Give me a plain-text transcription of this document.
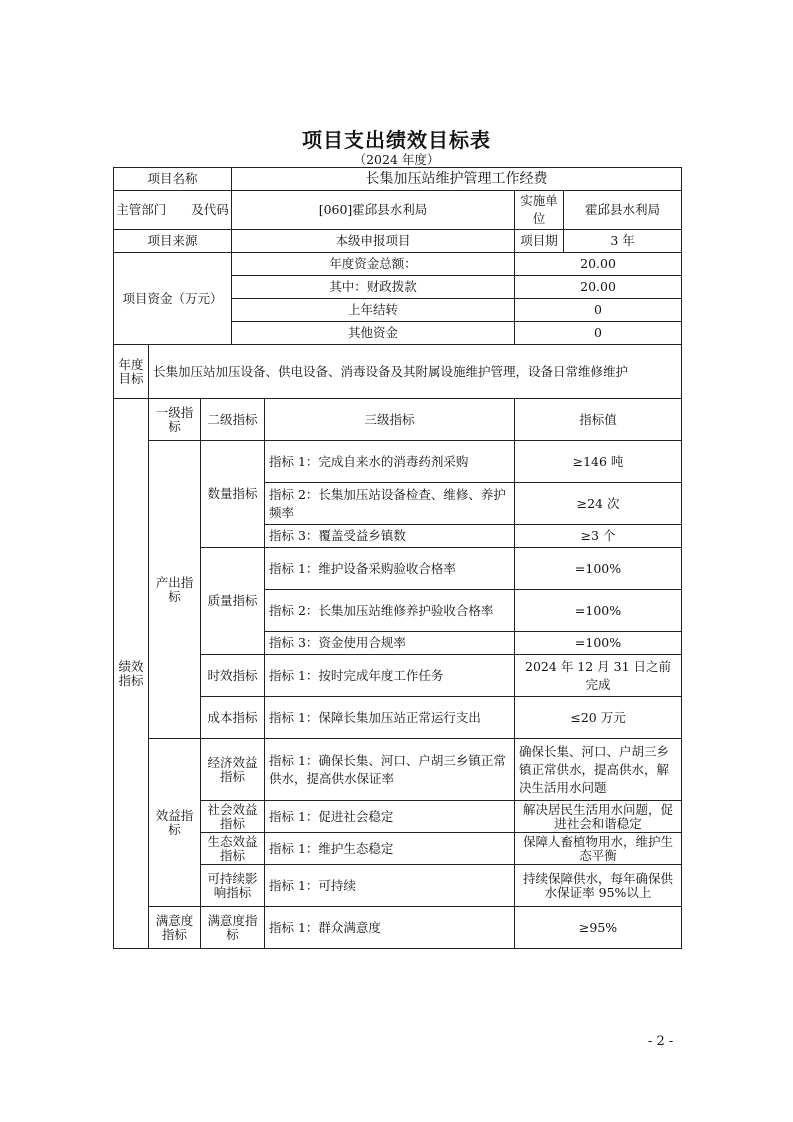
项目支出绩效目标表
（2024 年度）
项目名称			长集加压站维护管理工作经费			
主管部门　　及代码			[060]霍邱县水利局		实施单位	霍邱县水利局
项目来源			本级申报项目		项目期	3 年
项目资金（万元）			年度资金总额：		20.00	
			其中：财政拨款		20.00	
			上年结转		0	
			其他资金		0	
年度目标	长集加压站加压设备、供电设备、消毒设备及其附属设施维护管理，设备日常维修维护					
绩效指标	一级指标	二级指标		三级指标	指标值	
	产出指标	数量指标		指标 1：完成自来水的消毒药剂采购	≥146 吨	
				指标 2：长集加压站设备检查、维修、养护频率	≥24 次	
				指标 3：覆盖受益乡镇数	≥3 个	
		质量指标		指标 1：维护设备采购验收合格率	=100%	
				指标 2：长集加压站维修养护验收合格率	=100%	
				指标 3：资金使用合规率	=100%	
		时效指标		指标 1：按时完成年度工作任务	2024 年 12 月 31 日之前完成	
		成本指标		指标 1：保障长集加压站正常运行支出	≤20 万元	
	效益指标	经济效益指标		指标 1：确保长集、河口、户胡三乡镇正常供水，提高供水保证率	确保长集、河口、户胡三乡镇正常供水，提高供水，解决生活用水问题	
		社会效益指标		指标 1：促进社会稳定	解决居民生活用水问题，促进社会和谐稳定	
		生态效益指标		指标 1：维护生态稳定	保障人畜植物用水，维护生态平衡	
		可持续影响指标		指标 1：可持续	持续保障供水，每年确保供水保证率 95%以上	
	满意度指标	满意度指标		指标 1：群众满意度	≥95%	
- 2 -
